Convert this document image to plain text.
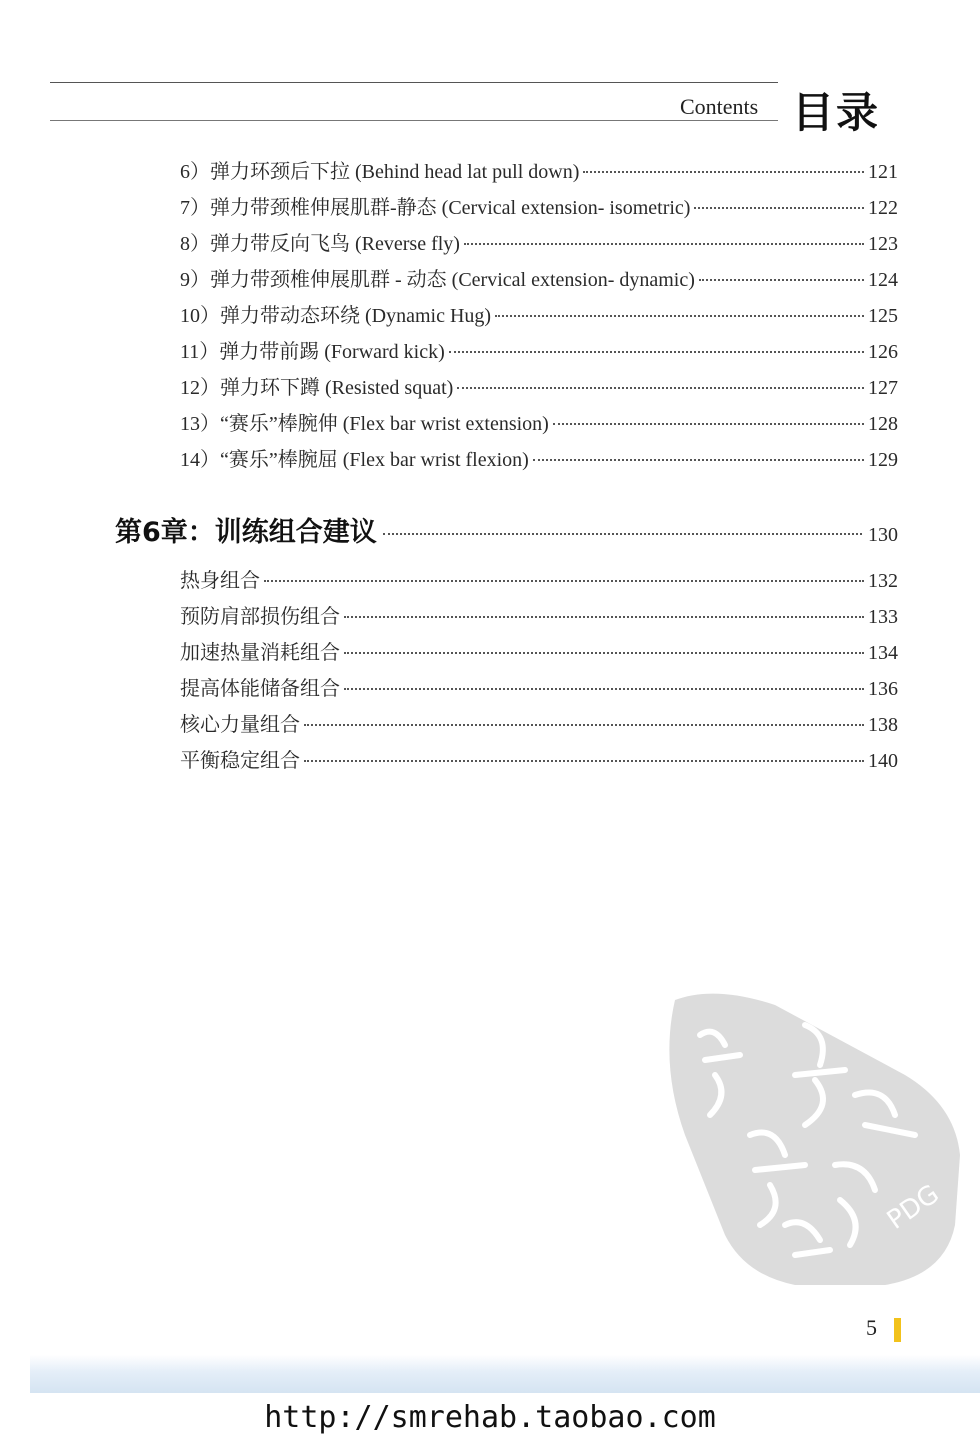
Contents 目录
6）弹力环颈后下拉 (Behind head lat pull down)	121
7）弹力带颈椎伸展肌群-静态 (Cervical extension- isometric)	122
8）弹力带反向飞鸟 (Reverse fly)	123
9）弹力带颈椎伸展肌群 - 动态 (Cervical extension- dynamic)	124
10）弹力带动态环绕 (Dynamic Hug)	125
11）弹力带前踢 (Forward kick)	126
12）弹力环下蹲 (Resisted squat)	127
13）“赛乐”棒腕伸 (Flex bar wrist extension)	128
14）“赛乐”棒腕屈 (Flex bar wrist flexion)	129
第6章：训练组合建议	130
热身组合	132
预防肩部损伤组合	133
加速热量消耗组合	134
提高体能储备组合	136
核心力量组合	138
平衡稳定组合	140
PDG
5
http://smrehab.taobao.com
